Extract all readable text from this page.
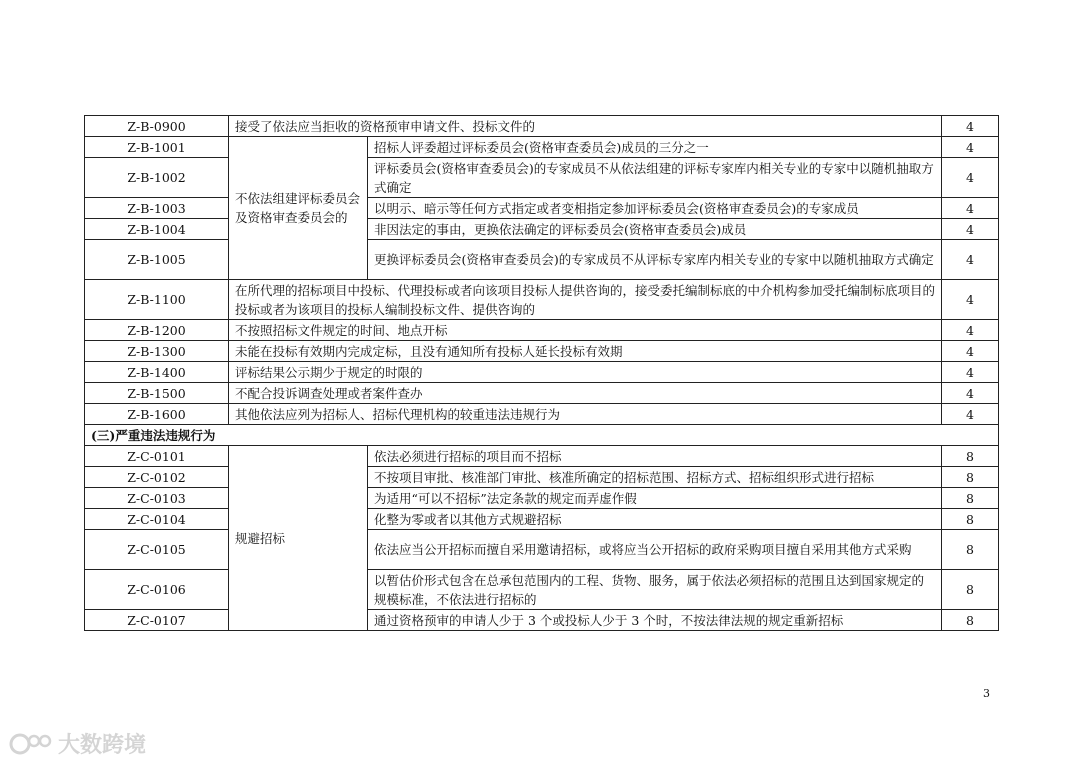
Z-B-0900	接受了依法应当拒收的资格预审申请文件、投标文件的		4
Z-B-1001	不依法组建评标委员会及资格审查委员会的	招标人评委超过评标委员会(资格审查委员会)成员的三分之一	4
Z-B-1002		评标委员会(资格审查委员会)的专家成员不从依法组建的评标专家库内相关专业的专家中以随机抽取方式确定	4
Z-B-1003		以明示、暗示等任何方式指定或者变相指定参加评标委员会(资格审查委员会)的专家成员	4
Z-B-1004		非因法定的事由，更换依法确定的评标委员会(资格审查委员会)成员	4
Z-B-1005		更换评标委员会(资格审查委员会)的专家成员不从评标专家库内相关专业的专家中以随机抽取方式确定	4
Z-B-1100	在所代理的招标项目中投标、代理投标或者向该项目投标人提供咨询的，接受委托编制标底的中介机构参加受托编制标底项目的投标或者为该项目的投标人编制投标文件、提供咨询的		4
Z-B-1200	不按照招标文件规定的时间、地点开标		4
Z-B-1300	未能在投标有效期内完成定标，且没有通知所有投标人延长投标有效期		4
Z-B-1400	评标结果公示期少于规定的时限的		4
Z-B-1500	不配合投诉调查处理或者案件查办		4
Z-B-1600	其他依法应列为招标人、招标代理机构的较重违法违规行为		4
(三)严重违法违规行为			
Z-C-0101	规避招标	依法必须进行招标的项目而不招标	8
Z-C-0102		不按项目审批、核准部门审批、核准所确定的招标范围、招标方式、招标组织形式进行招标	8
Z-C-0103		为适用“可以不招标”法定条款的规定而弄虚作假	8
Z-C-0104		化整为零或者以其他方式规避招标	8
Z-C-0105		依法应当公开招标而擅自采用邀请招标，或将应当公开招标的政府采购项目擅自采用其他方式采购	8
Z-C-0106		以暂估价形式包含在总承包范围内的工程、货物、服务，属于依法必须招标的范围且达到国家规定的规模标准，不依法进行招标的	8
Z-C-0107		通过资格预审的申请人少于 3 个或投标人少于 3 个时，不按法律法规的规定重新招标	8
3
大数跨境
